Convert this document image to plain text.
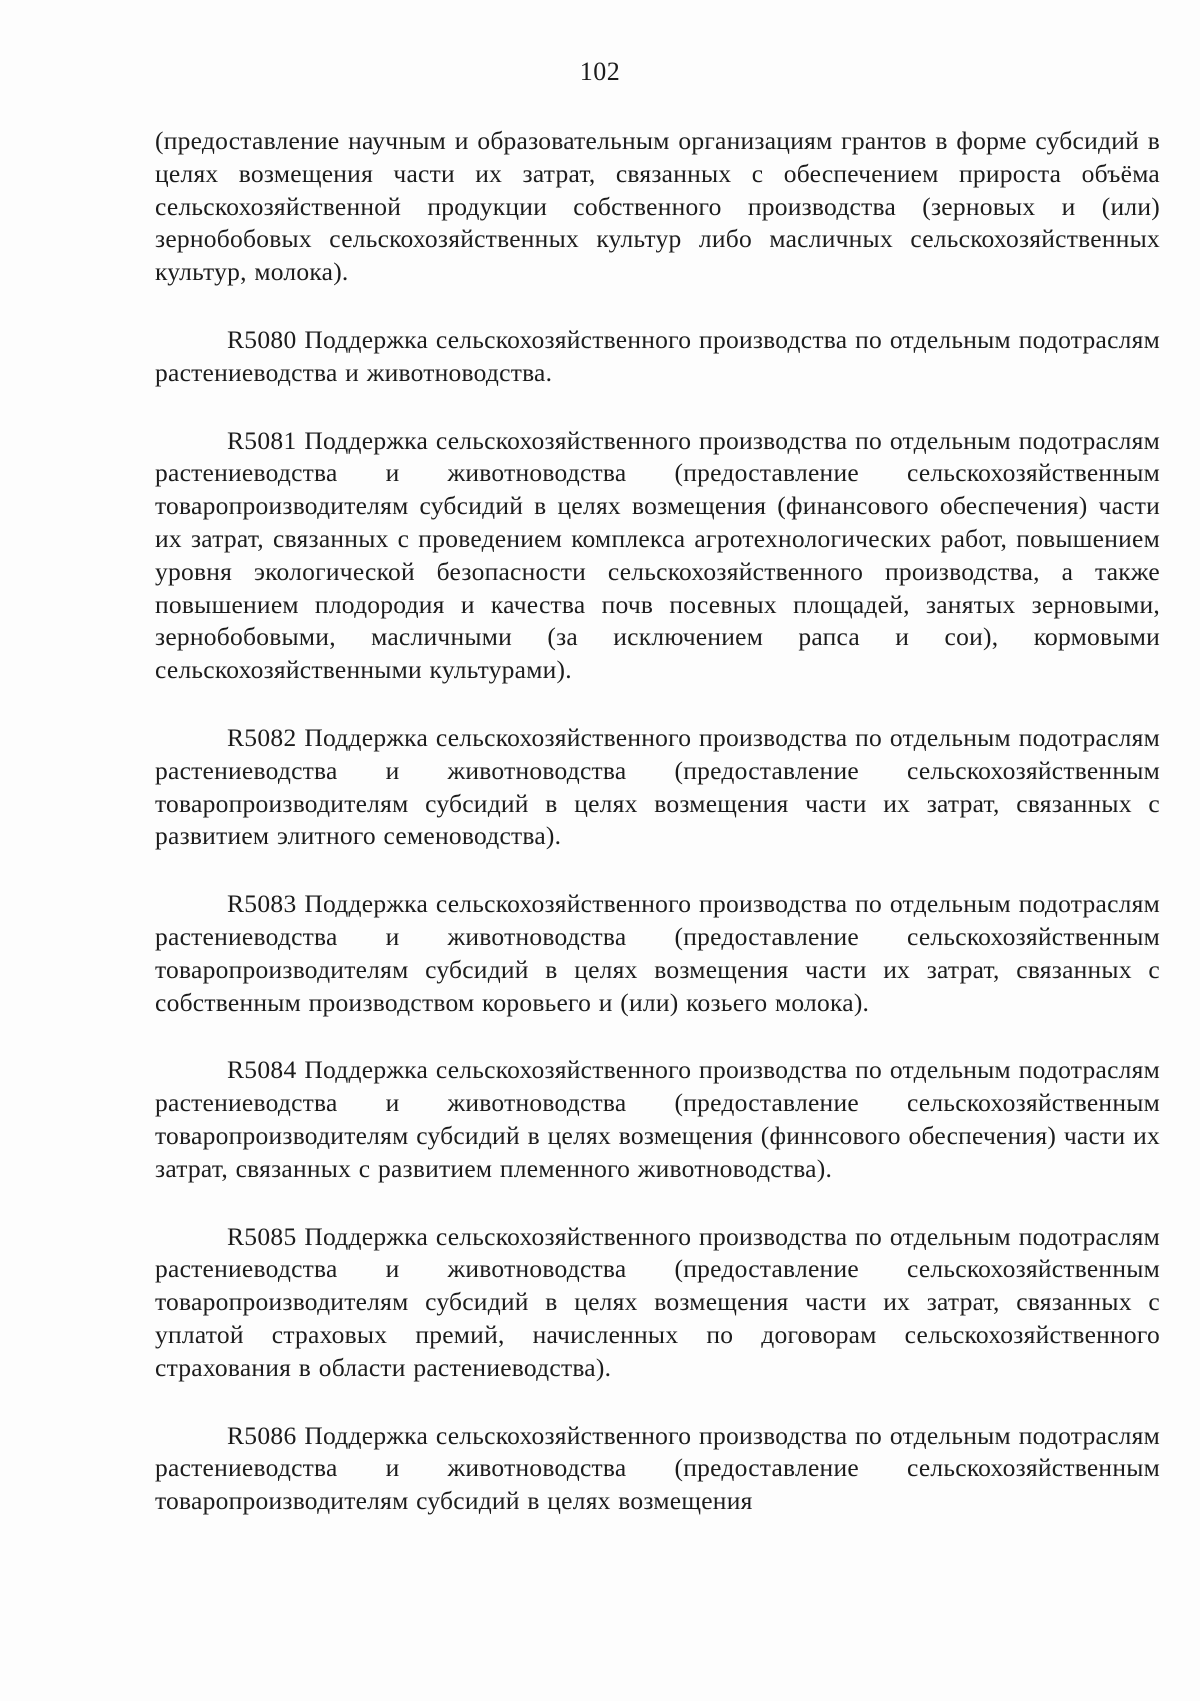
102

(предоставление научным и образовательным организациям грантов в форме субсидий в целях возмещения части их затрат, связанных с обеспечением прироста объёма сельскохозяйственной продукции собственного производства (зерновых и (или) зернобобовых сельскохозяйственных культур либо масличных сельскохозяйственных культур, молока).

R5080 Поддержка сельскохозяйственного производства по отдельным подотраслям растениеводства и животноводства.

R5081 Поддержка сельскохозяйственного производства по отдельным подотраслям растениеводства и животноводства (предоставление сельскохозяйственным товаропроизводителям субсидий в целях возмещения (финансового обеспечения) части их затрат, связанных с проведением комплекса агротехнологических работ, повышением уровня экологической безопасности сельскохозяйственного производства, а также повышением плодородия и качества почв посевных площадей, занятых зерновыми, зернобобовыми, масличными (за исключением рапса и сои), кормовыми сельскохозяйственными культурами).

R5082 Поддержка сельскохозяйственного производства по отдельным подотраслям растениеводства и животноводства (предоставление сельскохозяйственным товаропроизводителям субсидий в целях возмещения части их затрат, связанных с развитием элитного семеноводства).

R5083 Поддержка сельскохозяйственного производства по отдельным подотраслям растениеводства и животноводства (предоставление сельскохозяйственным товаропроизводителям субсидий в целях возмещения части их затрат, связанных с собственным производством коровьего и (или) козьего молока).

R5084 Поддержка сельскохозяйственного производства по отдельным подотраслям растениеводства и животноводства (предоставление сельскохозяйственным товаропроизводителям субсидий в целях возмещения (финнсового обеспечения) части их затрат, связанных с развитием племенного животноводства).

R5085 Поддержка сельскохозяйственного производства по отдельным подотраслям растениеводства и животноводства (предоставление сельскохозяйственным товаропроизводителям субсидий в целях возмещения части их затрат, связанных с уплатой страховых премий, начисленных по договорам сельскохозяйственного страхования в области растениеводства).

R5086 Поддержка сельскохозяйственного производства по отдельным подотраслям растениеводства и животноводства (предоставление сельскохозяйственным товаропроизводителям субсидий в целях возмещения
